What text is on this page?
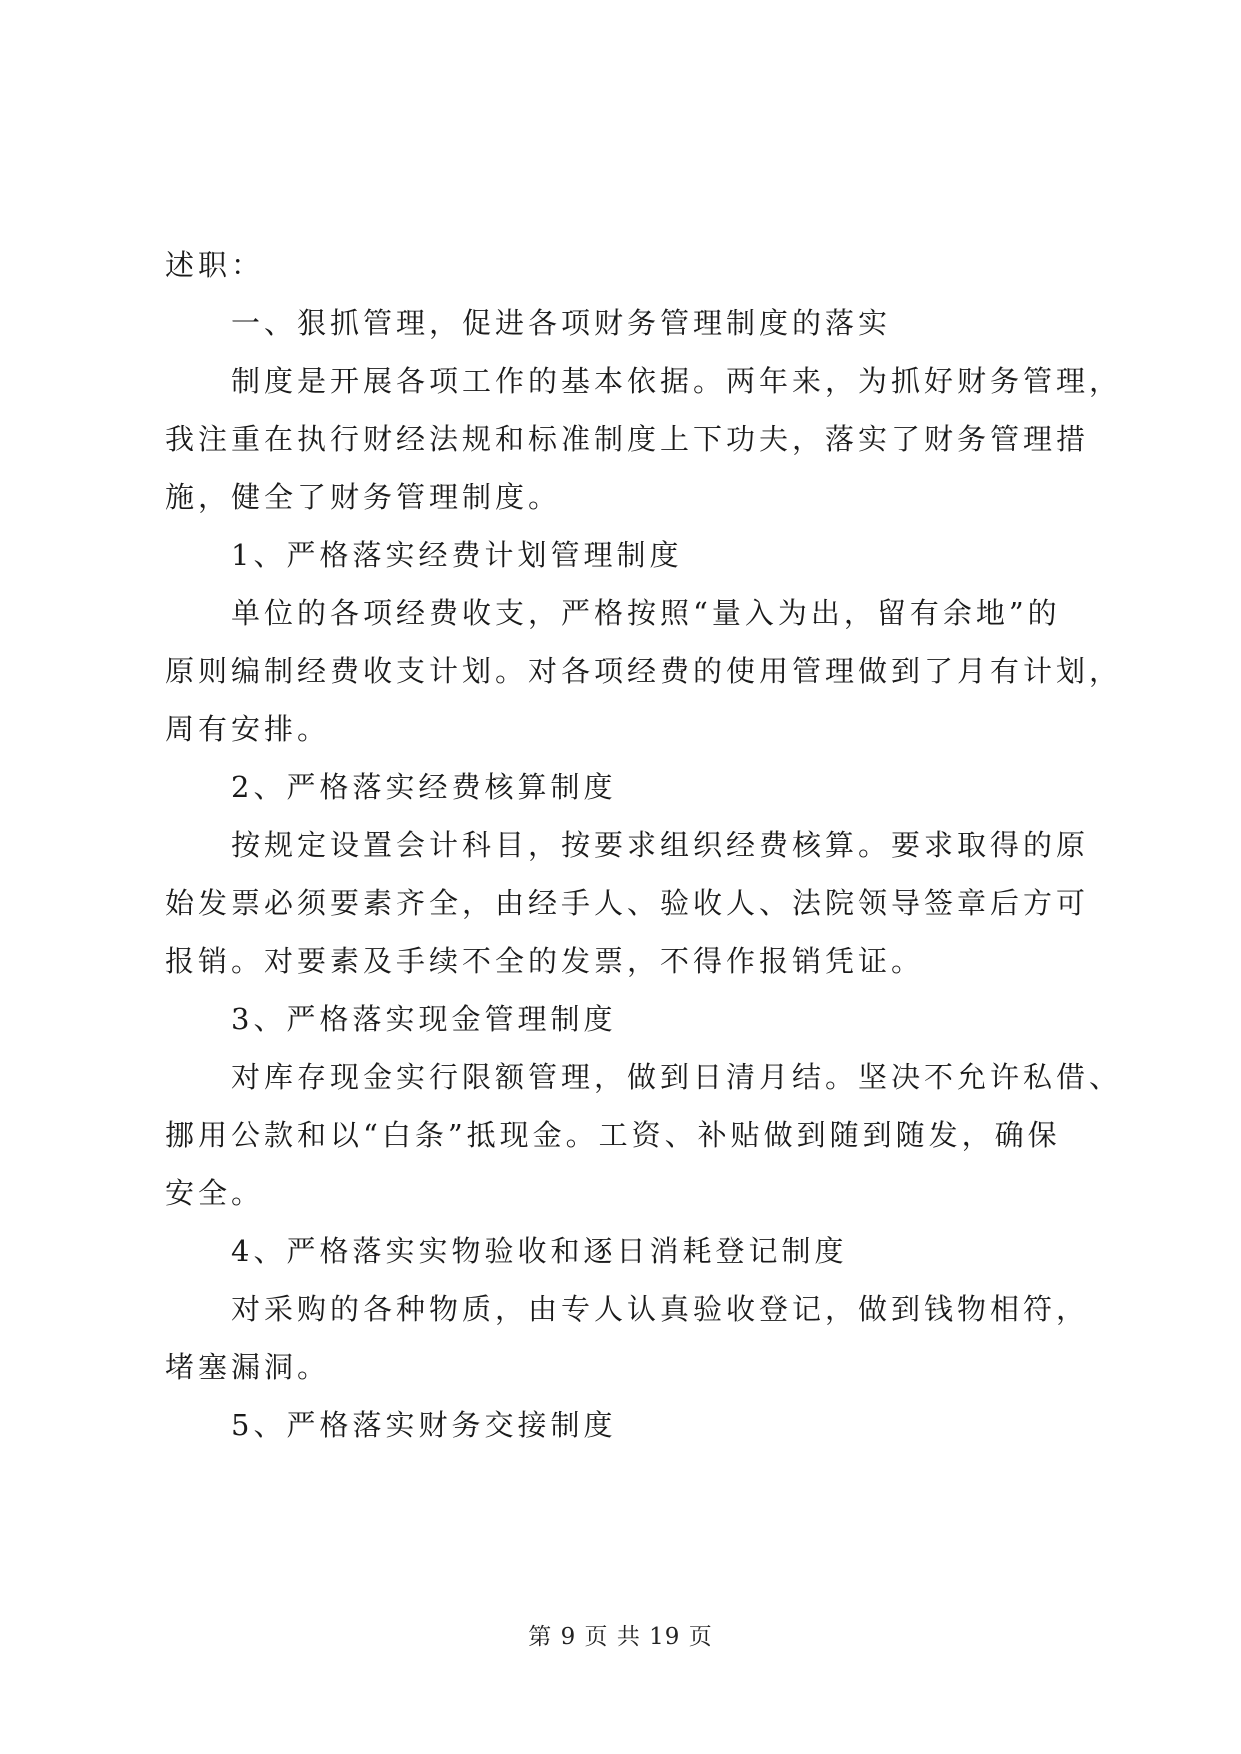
述职：
一、狠抓管理，促进各项财务管理制度的落实
制度是开展各项工作的基本依据。两年来，为抓好财务管理，
我注重在执行财经法规和标准制度上下功夫，落实了财务管理措
施，健全了财务管理制度。
1、严格落实经费计划管理制度
单位的各项经费收支，严格按照“量入为出，留有余地”的
原则编制经费收支计划。对各项经费的使用管理做到了月有计划，
周有安排。
2、严格落实经费核算制度
按规定设置会计科目，按要求组织经费核算。要求取得的原
始发票必须要素齐全，由经手人、验收人、法院领导签章后方可
报销。对要素及手续不全的发票，不得作报销凭证。
3、严格落实现金管理制度
对库存现金实行限额管理，做到日清月结。坚决不允许私借、
挪用公款和以“白条”抵现金。工资、补贴做到随到随发，确保
安全。
4、严格落实实物验收和逐日消耗登记制度
对采购的各种物质，由专人认真验收登记，做到钱物相符，
堵塞漏洞。
5、严格落实财务交接制度
第 9 页 共 19 页
